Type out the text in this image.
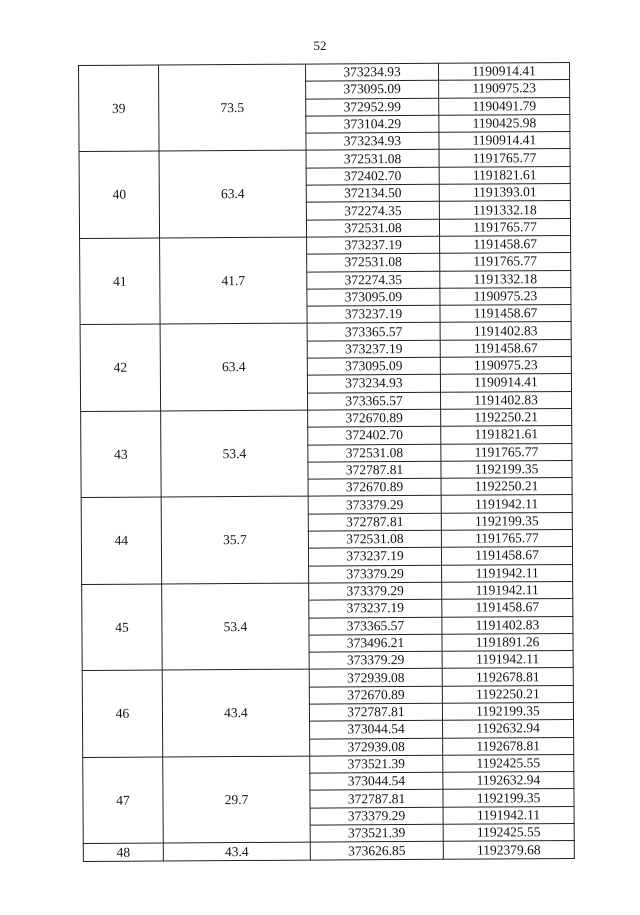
52
39	73.5	373234.93	1190914.41
		373095.09	1190975.23
		372952.99	1190491.79
		373104.29	1190425.98
		373234.93	1190914.41
40	63.4	372531.08	1191765.77
		372402.70	1191821.61
		372134.50	1191393.01
		372274.35	1191332.18
		372531.08	1191765.77
41	41.7	373237.19	1191458.67
		372531.08	1191765.77
		372274.35	1191332.18
		373095.09	1190975.23
		373237.19	1191458.67
42	63.4	373365.57	1191402.83
		373237.19	1191458.67
		373095.09	1190975.23
		373234.93	1190914.41
		373365.57	1191402.83
43	53.4	372670.89	1192250.21
		372402.70	1191821.61
		372531.08	1191765.77
		372787.81	1192199.35
		372670.89	1192250.21
44	35.7	373379.29	1191942.11
		372787.81	1192199.35
		372531.08	1191765.77
		373237.19	1191458.67
		373379.29	1191942.11
45	53.4	373379.29	1191942.11
		373237.19	1191458.67
		373365.57	1191402.83
		373496.21	1191891.26
		373379.29	1191942.11
46	43.4	372939.08	1192678.81
		372670.89	1192250.21
		372787.81	1192199.35
		373044.54	1192632.94
		372939.08	1192678.81
47	29.7	373521.39	1192425.55
		373044.54	1192632.94
		372787.81	1192199.35
		373379.29	1191942.11
		373521.39	1192425.55
48	43.4	373626.85	1192379.68
